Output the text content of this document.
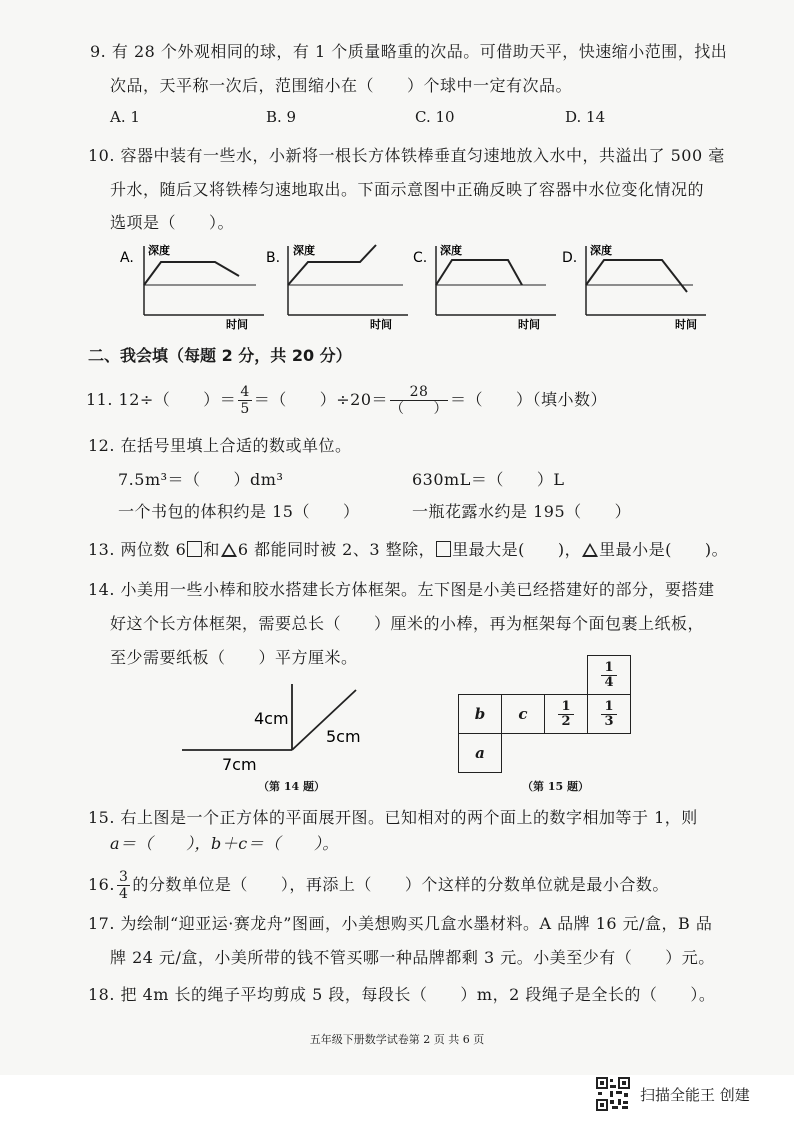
9. 有 28 个外观相同的球，有 1 个质量略重的次品。可借助天平，快速缩小范围，找出
次品，天平称一次后，范围缩小在（　　）个球中一定有次品。
A. 1	B. 9	C. 10	D. 14
10. 容器中装有一些水，小新将一根长方体铁棒垂直匀速地放入水中，共溢出了 500 毫
升水，随后又将铁棒匀速地取出。下面示意图中正确反映了容器中水位变化情况的
选项是（　　）。
A. 深度
时间
B. 深度
时间
C. 深度
时间
D. 深度
时间
二、我会填（每题 2 分，共 20 分）
11. 12÷（　　）＝ $\frac{4}{5}$ ＝（　　）$\div 20= \frac{28}{( )}$ ＝（　　）（填小数）
12. 在括号里填上合适的数或单位。
7.5m³＝（　　）dm³	630mL＝（　　）L
一个书包的体积约是 15（　　）	一瓶花露水约是 195（　　）
13. 两位数 6 和 6 都能同时被 2、3 整除， 里最大是(　　)， 里最小是(　　)。
14. 小美用一些小棒和胶水搭建长方体框架。左下图是小美已经搭建好的部分，要搭建
好这个长方体框架，需要总长（　　）厘米的小棒，再为框架每个面包裹上纸板，
至少需要纸板（　　）平方厘米。
4cm
5cm
7cm
（第 14 题）

			$\frac{1}{4}$
b	c	$\frac{1}{2}$	$\frac{1}{3}$
a			
（第 15 题）
15. 右上图是一个正方体的平面展开图。已知相对的两个面上的数字相加等于 1，则
a＝（　　），b＋c＝（　　）。
16. $\frac{3}{4}$ 的分数单位是（　　），再添上（　　）个这样的分数单位就是最小合数。
17. 为绘制“迎亚运·赛龙舟”图画，小美想购买几盒水墨材料。A 品牌 16 元/盒，B 品
牌 24 元/盒，小美所带的钱不管买哪一种品牌都剩 3 元。小美至少有（　　）元。
18. 把 4m 长的绳子平均剪成 5 段，每段长（　　）m，2 段绳子是全长的（　　）。
五年级下册数学试卷第 2 页 共 6 页
扫描全能王 创建
